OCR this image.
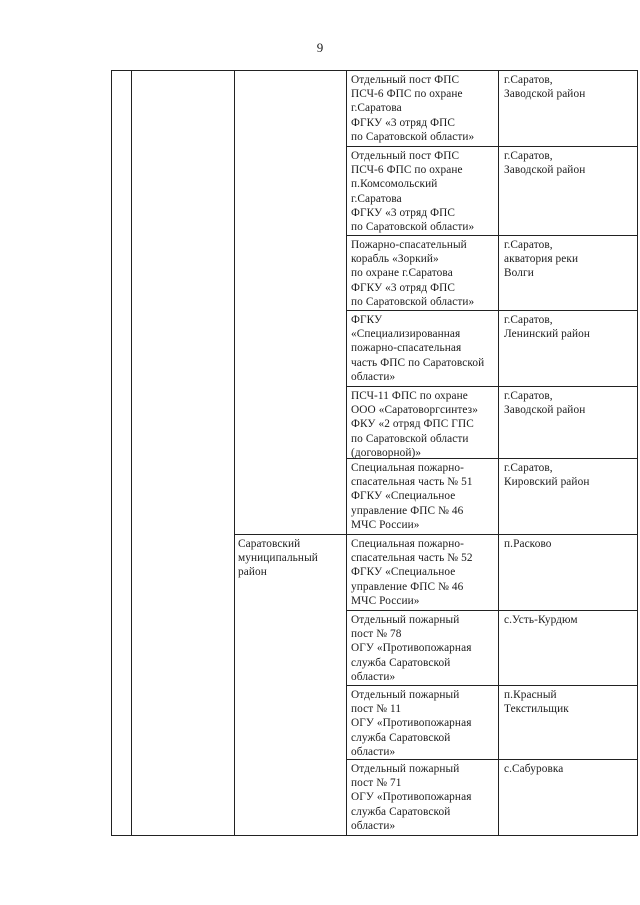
9
Саратовский
муниципальный
район
Отдельный пост ФПС
ПСЧ-6 ФПС по охране
г.Саратова
ФГКУ «3 отряд ФПС
по Саратовской области»
г.Саратов,
Заводской район
Отдельный пост ФПС
ПСЧ-6 ФПС по охране
п.Комсомольский
г.Саратова
ФГКУ «3 отряд ФПС
по Саратовской области»
г.Саратов,
Заводской район
Пожарно-спасательный
корабль «Зоркий»
по охране г.Саратова
ФГКУ «3 отряд ФПС
по Саратовской области»
г.Саратов,
акватория реки
Волги
ФГКУ
«Специализированная
пожарно-спасательная
часть ФПС по Саратовской
области»
г.Саратов,
Ленинский район
ПСЧ-11 ФПС по охране
ООО «Саратоворгсинтез»
ФКУ «2 отряд ФПС ГПС
по Саратовской области
(договорной)»
г.Саратов,
Заводской район
Специальная пожарно-
спасательная часть № 51
ФГКУ «Специальное
управление ФПС № 46
МЧС России»
г.Саратов,
Кировский район
Специальная пожарно-
спасательная часть № 52
ФГКУ «Специальное
управление ФПС № 46
МЧС России»
п.Расково
Отдельный пожарный
пост № 78
ОГУ «Противопожарная
служба Саратовской
области»
с.Усть-Курдюм
Отдельный пожарный
пост № 11
ОГУ «Противопожарная
служба Саратовской
области»
п.Красный
Текстильщик
Отдельный пожарный
пост № 71
ОГУ «Противопожарная
служба Саратовской
области»
с.Сабуровка
